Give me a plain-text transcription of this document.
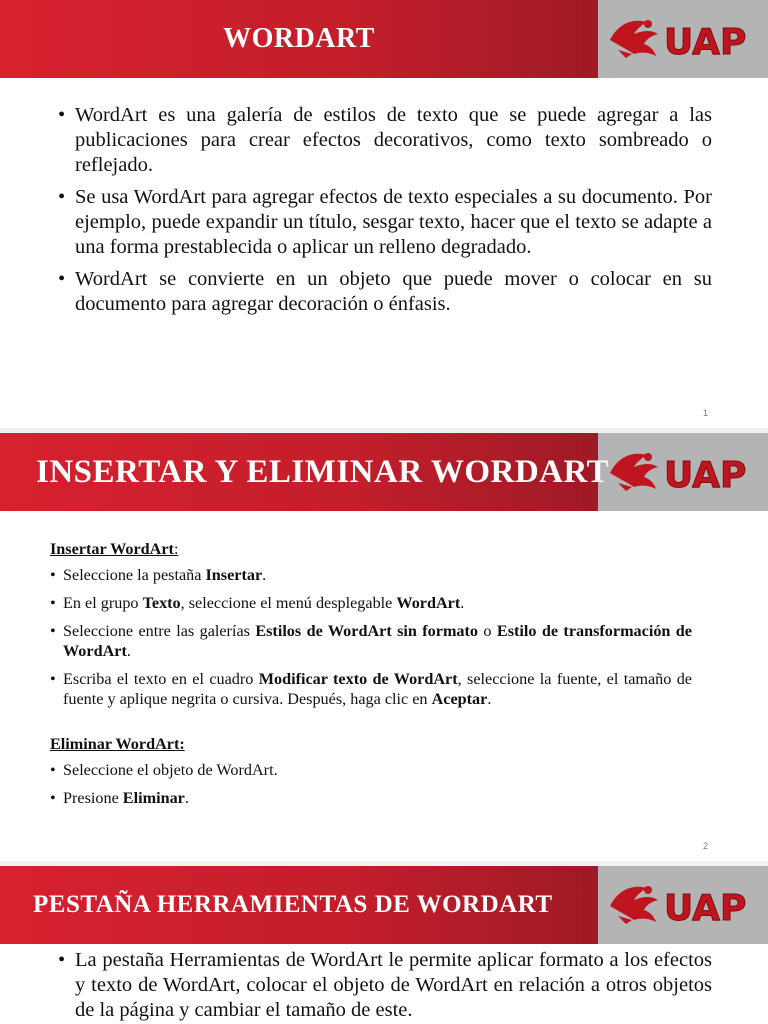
WORDART	UAP
• WordArt es una galería de estilos de texto que se puede agregar a las publicaciones para crear efectos decorativos, como texto sombreado o reflejado.
• Se usa WordArt para agregar efectos de texto especiales a su documento. Por ejemplo, puede expandir un título, sesgar texto, hacer que el texto se adapte a una forma prestablecida o aplicar un relleno degradado.
• WordArt se convierte en un objeto que puede mover o colocar en su documento para agregar decoración o énfasis.
1
UAP
INSERTAR Y ELIMINAR WORDART
Insertar WordArt:
• Seleccione la pestaña Insertar.
• En el grupo Texto, seleccione el menú desplegable WordArt.
• Seleccione entre las galerías Estilos de WordArt sin formato o Estilo de transformación de WordArt.
• Escriba el texto en el cuadro Modificar texto de WordArt, seleccione la fuente, el tamaño de fuente y aplique negrita o cursiva. Después, haga clic en Aceptar.
Eliminar WordArt:
• Seleccione el objeto de WordArt.
• Presione Eliminar.
2
PESTAÑA HERRAMIENTAS DE WORDART	UAP
• La pestaña Herramientas de WordArt le permite aplicar formato a los efectos y texto de WordArt, colocar el objeto de WordArt en relación a otros objetos de la página y cambiar el tamaño de este.
